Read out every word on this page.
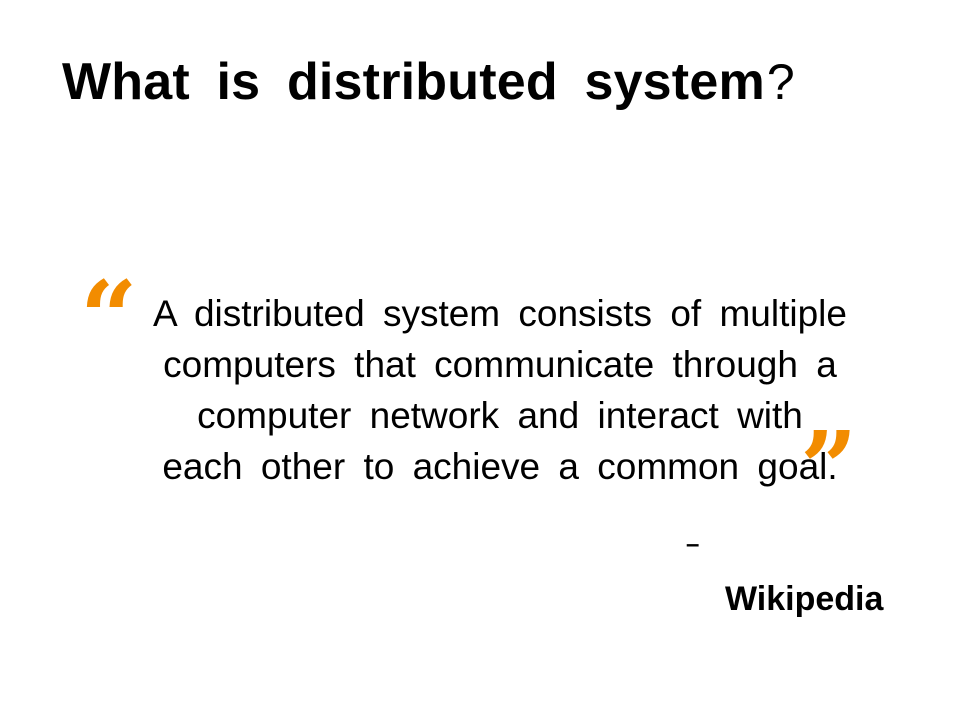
What is distributed system?
“ A distributed system consists of multiple computers that communicate through a computer network and interact with each other to achieve a common goal.

”
–

Wikipedia
